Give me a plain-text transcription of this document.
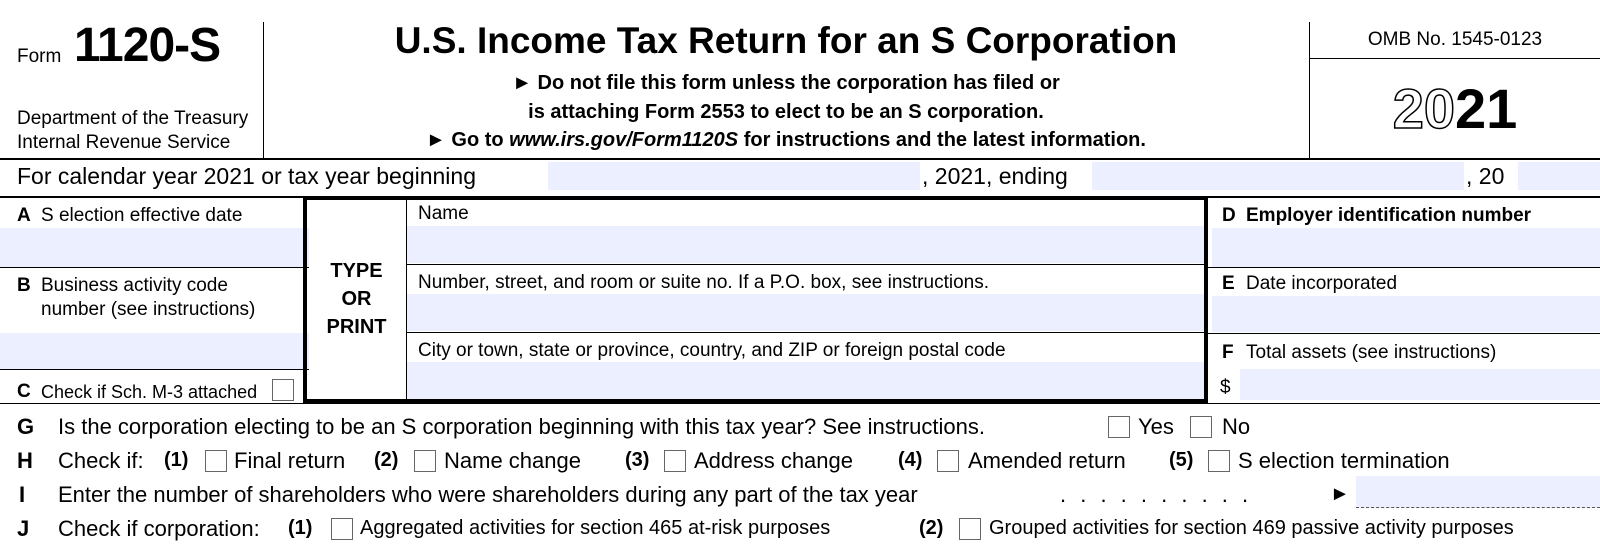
Form 1120-S
Department of the Treasury
Internal Revenue Service
U.S. Income Tax Return for an S Corporation
► Do not file this form unless the corporation has filed or
is attaching Form 2553 to elect to be an S corporation.
► Go to www.irs.gov/Form1120S for instructions and the latest information.
OMB No. 1545-0123
2021
For calendar year 2021 or tax year beginning	, 2021, ending	, 20
A S election effective date
B Business activity code
number (see instructions)
C Check if Sch. M-3 attached
TYPE
OR
PRINT
Name
Number, street, and room or suite no. If a P.O. box, see instructions.
City or town, state or province, country, and ZIP or foreign postal code
D Employer identification number
E Date incorporated
F Total assets (see instructions)
$
G Is the corporation electing to be an S corporation beginning with this tax year? See instructions.	Yes No
H Check if: (1) Final return (2) Name change (3) Address change (4) Amended return (5) S election termination
I Enter the number of shareholders who were shareholders during any part of the tax year	. . . . . . . . . .	►
J Check if corporation: (1) Aggregated activities for section 465 at-risk purposes	(2) Grouped activities for section 469 passive activity purposes
